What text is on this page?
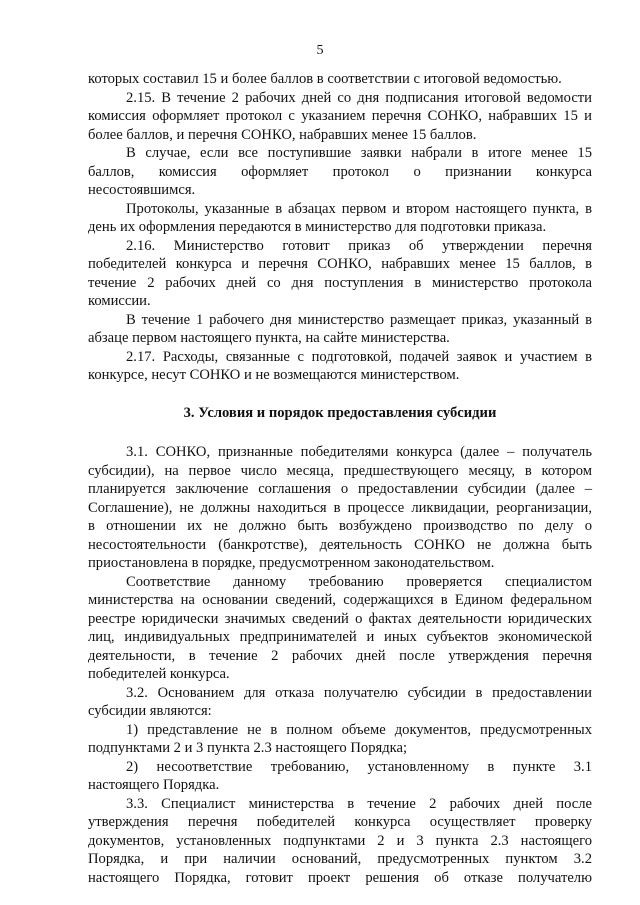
5
которых составил 15 и более баллов в соответствии с итоговой ведомостью.
2.15. В течение 2 рабочих дней со дня подписания итоговой ведомости
комиссия оформляет протокол с указанием перечня СОНКО, набравших 15 и
более баллов, и перечня СОНКО, набравших менее 15 баллов.
В случае, если все поступившие заявки набрали в итоге менее 15
баллов, комиссия оформляет протокол о признании конкурса
несостоявшимся.
Протоколы, указанные в абзацах первом и втором настоящего пункта, в
день их оформления передаются в министерство для подготовки приказа.
2.16. Министерство готовит приказ об утверждении перечня
победителей конкурса и перечня СОНКО, набравших менее 15 баллов, в
течение 2 рабочих дней со дня поступления в министерство протокола
комиссии.
В течение 1 рабочего дня министерство размещает приказ, указанный в
абзаце первом настоящего пункта, на сайте министерства.
2.17. Расходы, связанные с подготовкой, подачей заявок и участием в
конкурсе, несут СОНКО и не возмещаются министерством.
3. Условия и порядок предоставления субсидии
3.1. СОНКО, признанные победителями конкурса (далее – получатель
субсидии), на первое число месяца, предшествующего месяцу, в котором
планируется заключение соглашения о предоставлении субсидии (далее –
Соглашение), не должны находиться в процессе ликвидации, реорганизации,
в отношении их не должно быть возбуждено производство по делу о
несостоятельности (банкротстве), деятельность СОНКО не должна быть
приостановлена в порядке, предусмотренном законодательством.
Соответствие данному требованию проверяется специалистом
министерства на основании сведений, содержащихся в Едином федеральном
реестре юридически значимых сведений о фактах деятельности юридических
лиц, индивидуальных предпринимателей и иных субъектов экономической
деятельности, в течение 2 рабочих дней после утверждения перечня
победителей конкурса.
3.2. Основанием для отказа получателю субсидии в предоставлении
субсидии являются:
1) представление не в полном объеме документов, предусмотренных
подпунктами 2 и 3 пункта 2.3 настоящего Порядка;
2) несоответствие требованию, установленному в пункте 3.1
настоящего Порядка.
3.3. Специалист министерства в течение 2 рабочих дней после
утверждения перечня победителей конкурса осуществляет проверку
документов, установленных подпунктами 2 и 3 пункта 2.3 настоящего
Порядка, и при наличии оснований, предусмотренных пунктом 3.2
настоящего Порядка, готовит проект решения об отказе получателю
